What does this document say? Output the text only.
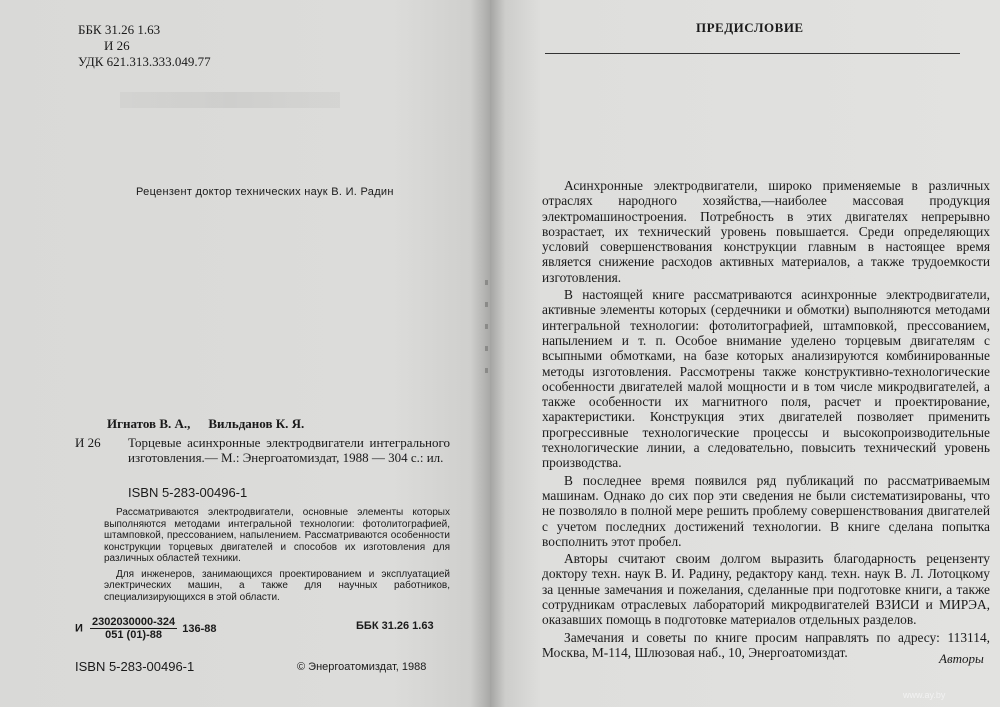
ББК 31.26 1.63
И 26
УДК 621.313.333.049.77
Рецензент доктор технических наук В. И. Радин
Игнатов В. А., Вильданов К. Я.
И 26 Торцевые асинхронные электродвигатели интегрального изготовления.— М.: Энергоатомиздат, 1988 — 304 с.: ил.
ISBN 5-283-00496-1

Рассматриваются электродвигатели, основные элементы которых выполняются методами интегральной технологии: фотолитографией, штамповкой, прессованием, напылением. Рассматриваются особенности конструкции торцевых двигателей и способов их изготовления для различных областей техники.

Для инженеров, занимающихся проектированием и эксплуатацией электрических машин, а также для научных работников, специализирующихся в этой области.

И $\frac{2302030000-324}{051 (01)-88} 136-88$	ББК 31.26 1.63
ISBN 5-283-00496-1	© Энергоатомиздат, 1988
ПРЕДИСЛОВИЕ

Асинхронные электродвигатели, широко применяемые в различных отраслях народного хозяйства,—наиболее массовая продукция электромашиностроения. Потребность в этих двигателях непрерывно возрастает, их технический уровень повышается. Среди определяющих условий совершенствования конструкции главным в настоящее время является снижение расходов активных материалов, а также трудоемкости изготовления.

В настоящей книге рассматриваются асинхронные электродвигатели, активные элементы которых (сердечники и обмотки) выполняются методами интегральной технологии: фотолитографией, штамповкой, прессованием, напылением и т. п. Особое внимание уделено торцевым двигателям с всыпными обмотками, на базе которых анализируются комбинированные методы изготовления. Рассмотрены также конструктивно-технологические особенности двигателей малой мощности и в том числе микродвигателей, а также особенности их магнитного поля, расчет и проектирование, характеристики. Конструкция этих двигателей позволяет применить прогрессивные технологические процессы и высокопроизводительные технологические линии, а следовательно, повысить технический уровень производства.

В последнее время появился ряд публикаций по рассматриваемым машинам. Однако до сих пор эти сведения не были систематизированы, что не позволяло в полной мере решить проблему совершенствования двигателей с учетом последних достижений технологии. В книге сделана попытка восполнить этот пробел.

Авторы считают своим долгом выразить благодарность рецензенту доктору техн. наук В. И. Радину, редактору канд. техн. наук В. Л. Лотоцкому за ценные замечания и пожелания, сделанные при подготовке книги, а также сотрудникам отраслевых лабораторий микродвигателей ВЗИСИ и МИРЭА, оказавших помощь в подготовке материалов отдельных разделов.

Замечания и советы по книге просим направлять по адресу: 113114, Москва, М-114, Шлюзовая наб., 10, Энергоатомиздат.	Авторы
www.ay.by
